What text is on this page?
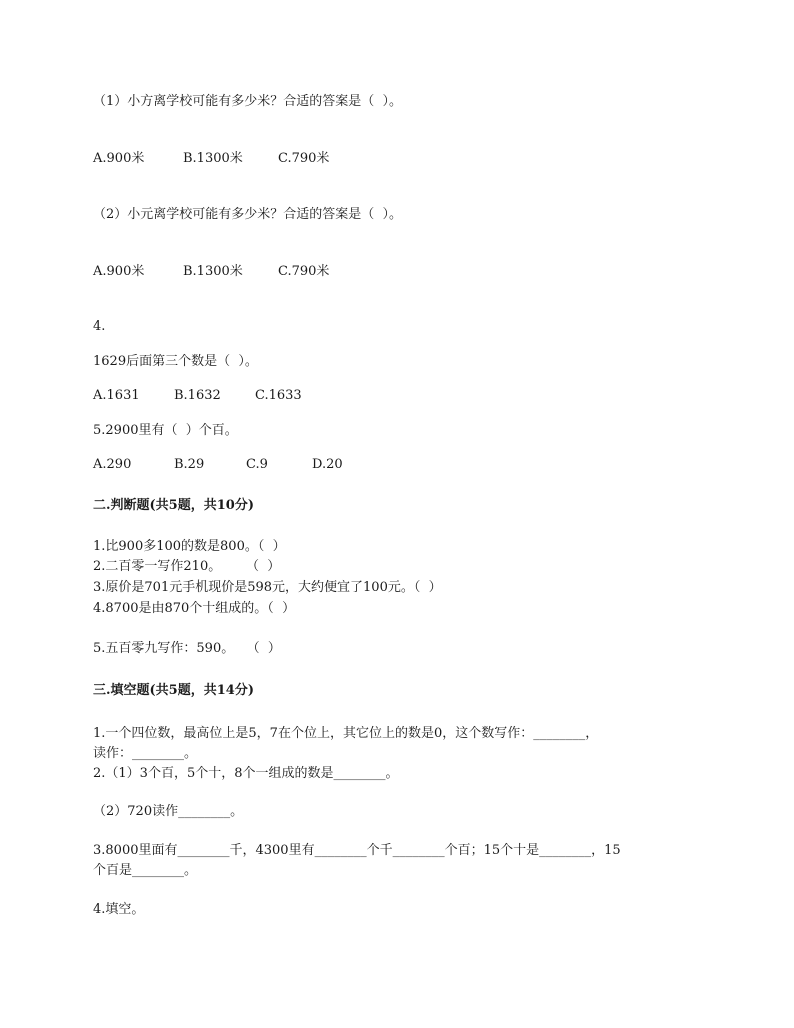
（1）小方离学校可能有多少米？合适的答案是（  ）。
A.900米	B.1300米	C.790米
（2）小元离学校可能有多少米？合适的答案是（  ）。
A.900米	B.1300米	C.790米
4.
1629后面第三个数是（  ）。
A.1631	B.1632	C.1633
5.2900里有（  ）个百。
A.290	B.29	C.9	D.20
二.判断题(共5题，共10分)
1.比900多100的数是800。（  ）
2.二百零一写作210。      （  ）
3.原价是701元手机现价是598元，大约便宜了100元。（  ）
4.8700是由870个十组成的。（  ）
5.五百零九写作：590。   （  ）
三.填空题(共5题，共14分)
1.一个四位数，最高位上是5，7在个位上，其它位上的数是0，这个数写作：________，
读作：________。
2.（1）3个百，5个十，8个一组成的数是________。
（2）720读作________。
3.8000里面有________千，4300里有________个千________个百；15个十是________，15
个百是________。
4.填空。
